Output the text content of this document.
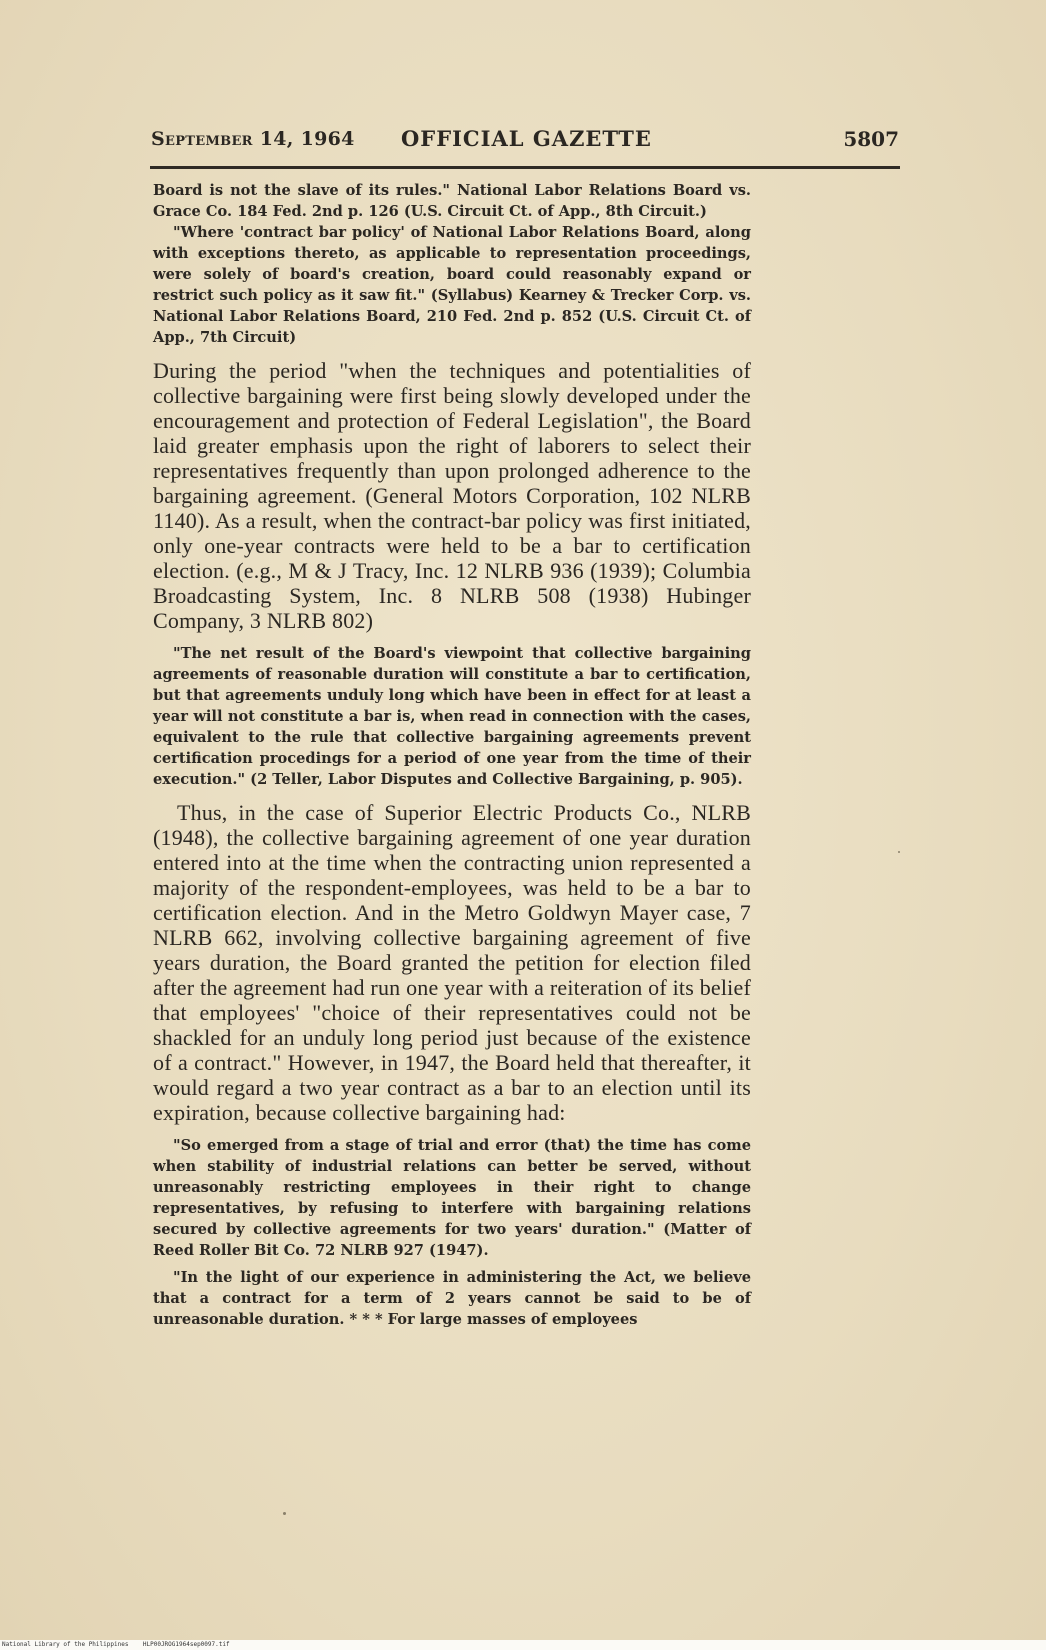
September 14, 1964 OFFICIAL GAZETTE	5807

Board is not the slave of its rules." National Labor Relations Board vs. Grace Co. 184 Fed. 2nd p. 126 (U.S. Circuit Ct. of App., 8th Circuit.)

"Where 'contract bar policy' of National Labor Relations Board, along with exceptions thereto, as applicable to representation proceedings, were solely of board's creation, board could reasonably expand or restrict such policy as it saw fit." (Syllabus) Kearney & Trecker Corp. vs. National Labor Relations Board, 210 Fed. 2nd p. 852 (U.S. Circuit Ct. of App., 7th Circuit)

During the period "when the techniques and potentialities of collective bargaining were first being slowly developed under the encouragement and protection of Federal Legislation", the Board laid greater emphasis upon the right of laborers to select their representatives frequently than upon prolonged adherence to the bargaining agreement. (General Motors Corporation, 102 NLRB 1140). As a result, when the contract-bar policy was first initiated, only one-year contracts were held to be a bar to certification election. (e.g., M & J Tracy, Inc. 12 NLRB 936 (1939); Columbia Broadcasting System, Inc. 8 NLRB 508 (1938) Hubinger Company, 3 NLRB 802)

"The net result of the Board's viewpoint that collective bargaining agreements of reasonable duration will constitute a bar to certification, but that agreements unduly long which have been in effect for at least a year will not constitute a bar is, when read in connection with the cases, equivalent to the rule that collective bargaining agreements prevent certification procedings for a period of one year from the time of their execution." (2 Teller, Labor Disputes and Collective Bargaining, p. 905).

Thus, in the case of Superior Electric Products Co., NLRB (1948), the collective bargaining agreement of one year duration entered into at the time when the contracting union represented a majority of the respondent-employees, was held to be a bar to certification election. And in the Metro Goldwyn Mayer case, 7 NLRB 662, involving collective bargaining agreement of five years duration, the Board granted the petition for election filed after the agreement had run one year with a reiteration of its belief that employees' "choice of their representatives could not be shackled for an unduly long period just because of the existence of a contract." However, in 1947, the Board held that thereafter, it would regard a two year contract as a bar to an election until its expiration, because collective bargaining had:

"So emerged from a stage of trial and error (that) the time has come when stability of industrial relations can better be served, without unreasonably restricting employees in their right to change representatives, by refusing to interfere with bargaining relations secured by collective agreements for two years' duration." (Matter of Reed Roller Bit Co. 72 NLRB 927 (1947).

"In the light of our experience in administering the Act, we believe that a contract for a term of 2 years cannot be said to be of unreasonable duration. * * * For large masses of employees

National Library of the Philippines    HLP00JROG1964sep0097.tif
